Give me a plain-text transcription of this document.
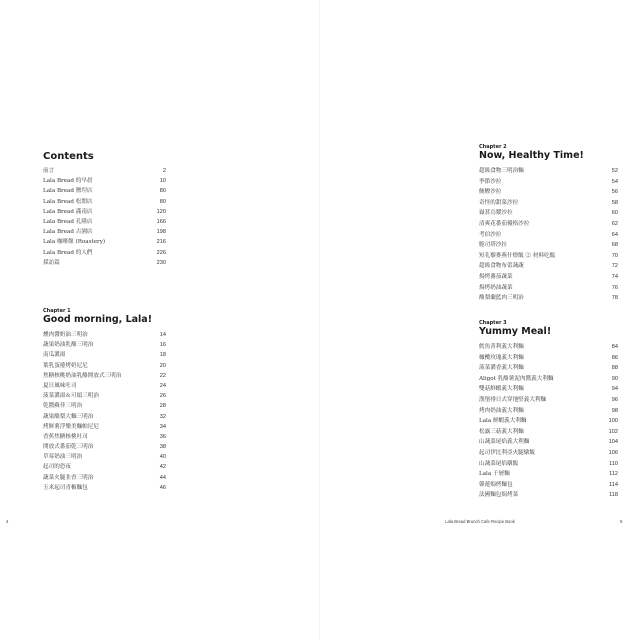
Contents
前言	2
Lala Bread 的早晨	10
Lala Bread 鹽埕店	80
Lala Bread 松閒店	80
Lala Bread 滿南店	120
Lala Bread 孔隆店	166
Lala Bread 古園店	198
Lala 咖啡館 (Roastery)	216
Lala Bread 的人們	226
採訪篇	230

Chapter 1

Good morning, Lala!
燻肉醬奶油三明治	14
蔬果奶油乳酪三明治	16
南瓜濃湯	18
葉乳蛋捲烤奶尼尼	20
焦糖核桃奶油乳酪開放式三明治	22
夏日風味吐司	24
菠菜濃湯＆可頌三明治	26
乾醬蘇菲三明治	28
蔬果酪梨大麵三明治	32
烤鮮薯浮樂美麵帕尼尼	34
香蕉焦糖核桃吐司	36
開放式番茄乾三明治	38
草莓奶油三明治	40
起司的恐夜	42
蔬菜火腿韭香三明治	44
玉米起司青椒麵包	46
4	Lala Bread Brunch Cafe Recipe Book

Chapter 2

Now, Healthy Time!
超級食物三明治麵	52
季節沙拉	54
鮪鰹沙拉	56
奇怪的甜菜沙拉	58
嶽葚烏漿沙拉	60
清爽花番茄優格沙拉	62
考伯沙拉	64
脆司塔沙拉	68
短孔藜麥燕什燈飯 ② 材料吃飯	70
超級食物布蕾蔬蔬	72
焗烤蕃茄蔬菜	74
焗烤奶油蔬菜	76
酪梨蘭藍肉三明治	78

Chapter 3

Yummy Meal!
鱈魚菁利義大利麵	84
橄欖玫瑰義大利麵	86
菠菜濃香義大利麵	88
Aligot 乳酪薯泥肉醬義大利麵	90
雙菇鮮蝦義大利麵	94
漢堡排日式穿地堅義大利麵	96
烤肉奶油義大利麵	98
Lala 鮮蝦義大利麵	100
松露三菇義大利麵	102
山蔬菜尾焰義大利麵	104
起司伊比利亞火腿燉飯	106
山蔬菜尾焰燉飯	110
Lala 千層麵	112
韓蓮焗烤麵包	114
法國麵包焗烤菜	118
5
